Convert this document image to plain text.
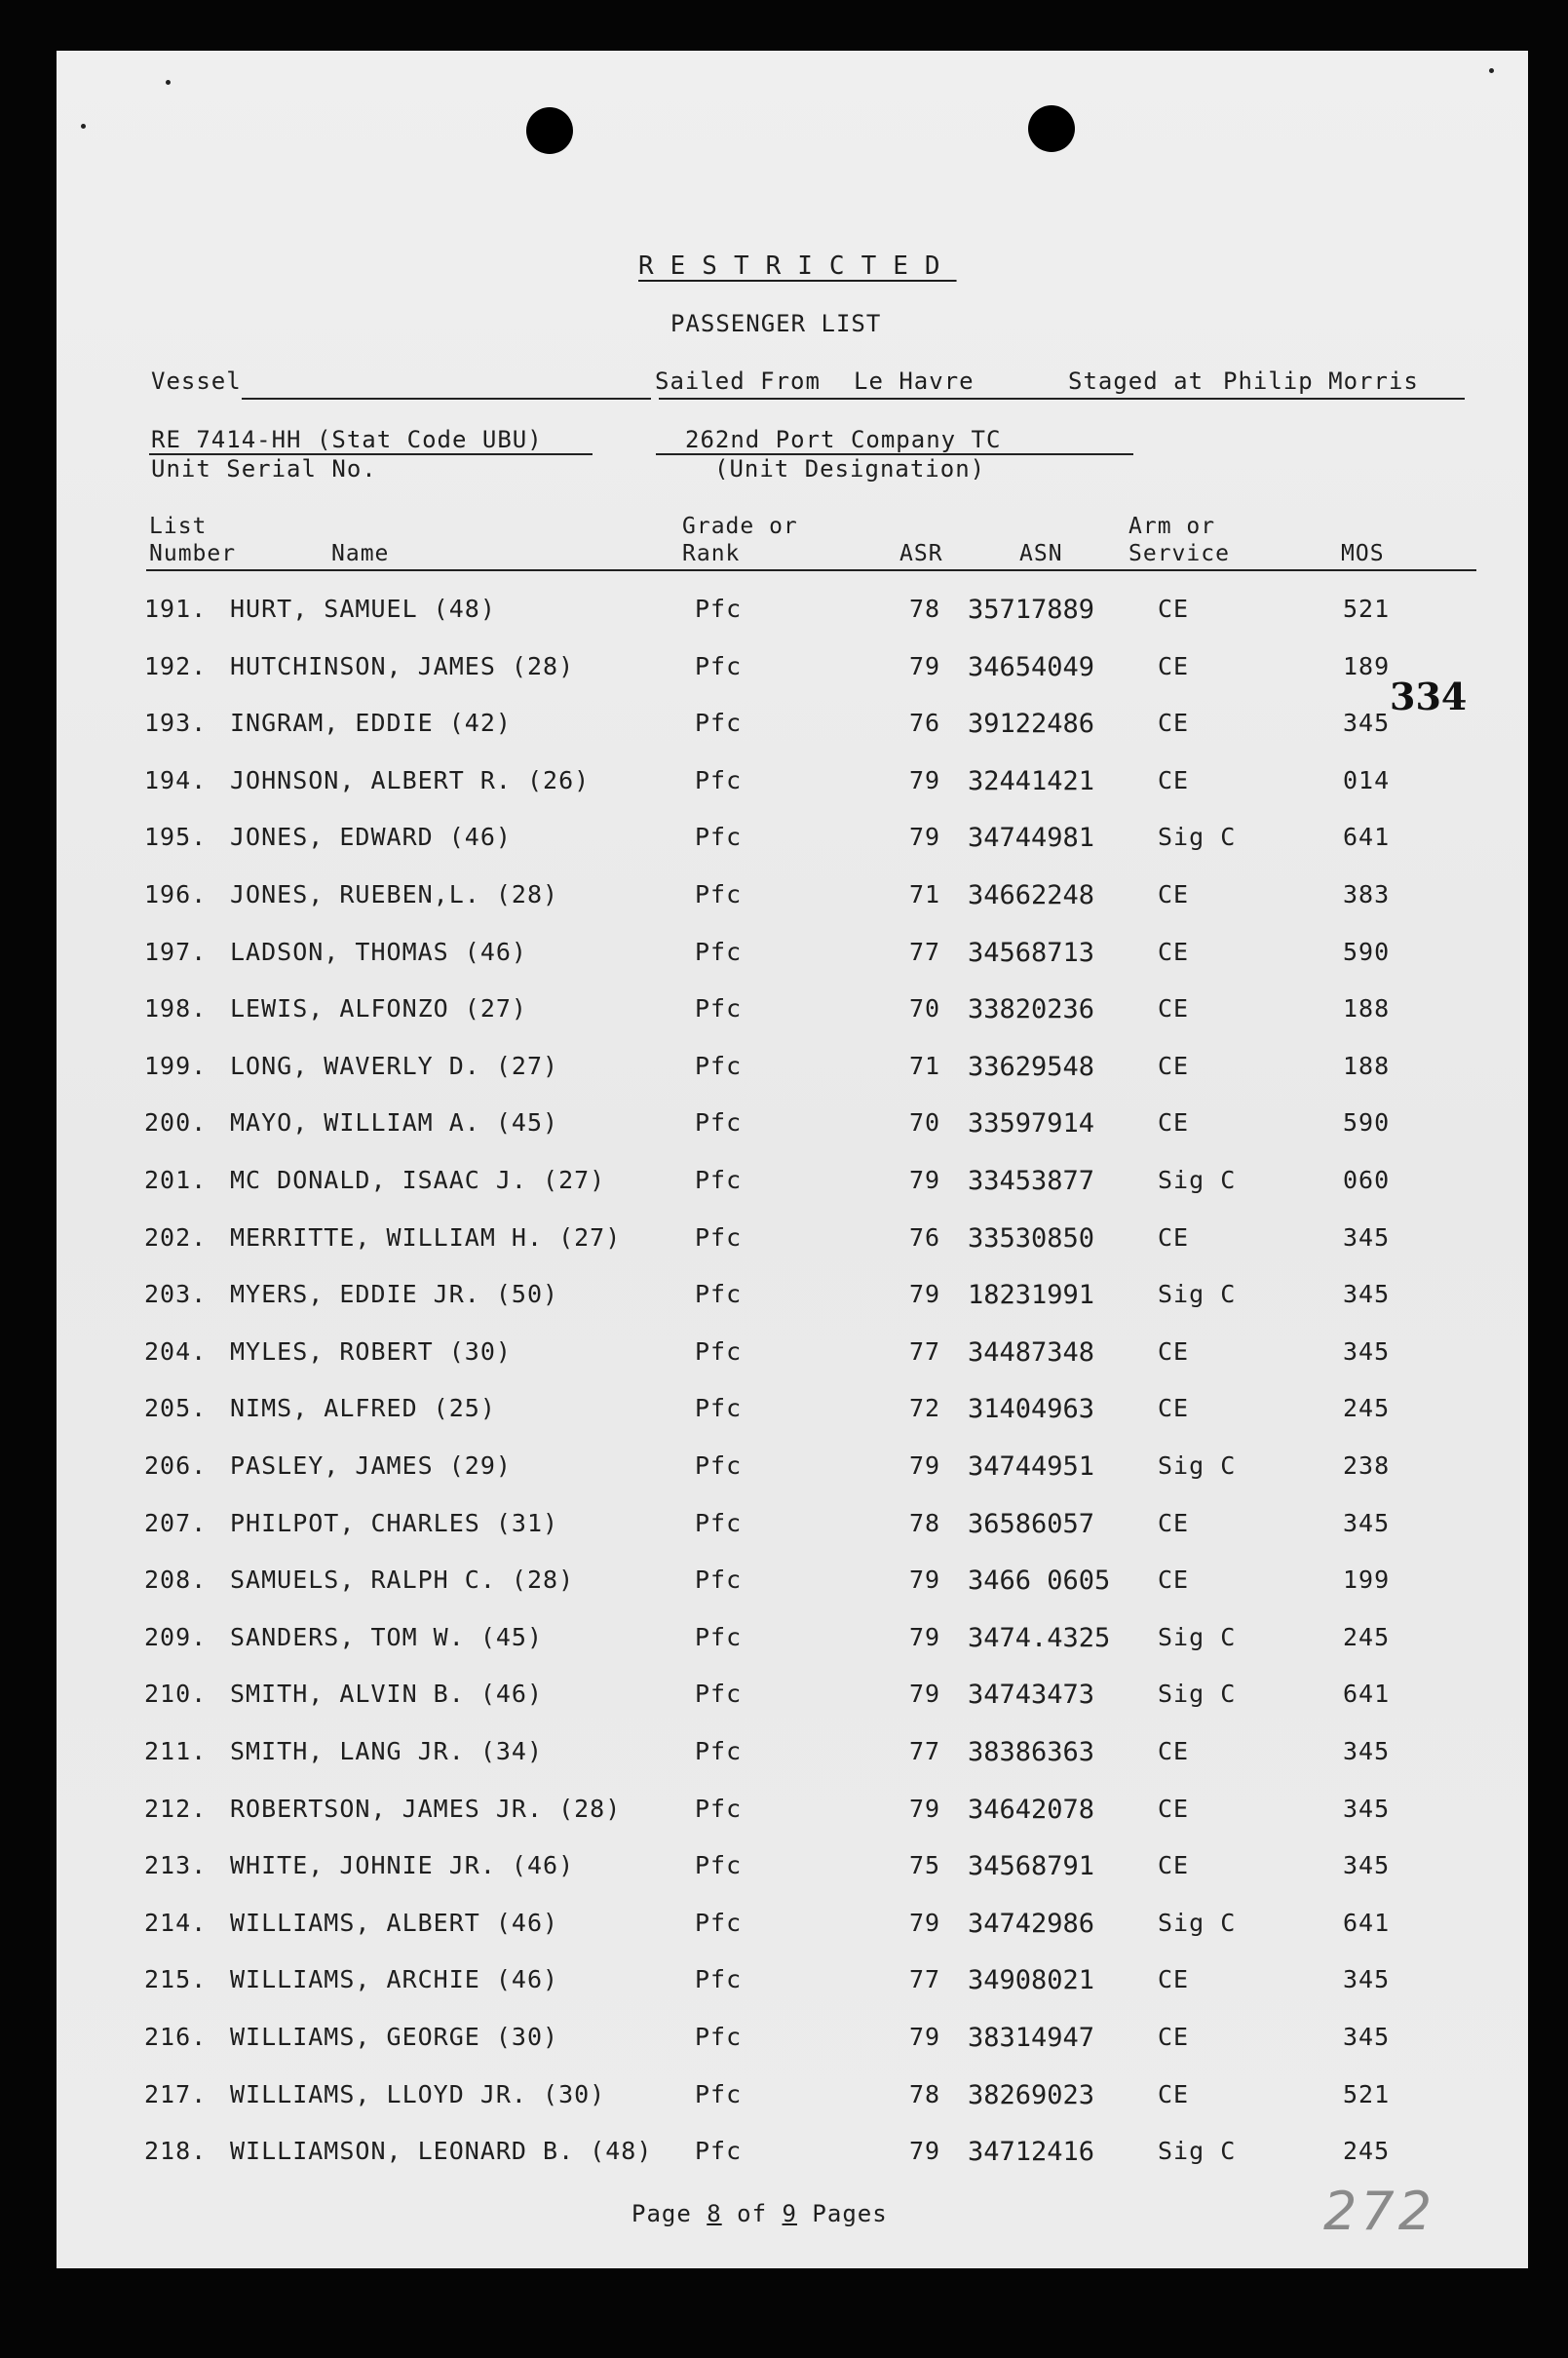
RESTRICTED
PASSENGER LIST
Vessel	Sailed From Le Havre	Staged at Philip Morris
RE 7414-HH (Stat Code UBU)
Unit Serial No.
262nd Port Company TC
(Unit Designation)
List
Number	Name
Grade or
Rank	ASR	ASN
Arm or
Service	MOS
191. HURT, SAMUEL (48)	Pfc	78 35717889	CE	521
192. HUTCHINSON, JAMES (28)	Pfc	79 34654049	CE	189
193. INGRAM, EDDIE (42)	Pfc	76 39122486	CE	345
194. JOHNSON, ALBERT R. (26)	Pfc	79 32441421	CE	014
195. JONES, EDWARD (46)	Pfc	79 34744981	Sig C	641
196. JONES, RUEBEN,L. (28)	Pfc	71 34662248	CE	383
197. LADSON, THOMAS (46)	Pfc	77 34568713	CE	590
198. LEWIS, ALFONZO (27)	Pfc	70 33820236	CE	188
199. LONG, WAVERLY D. (27)	Pfc	71 33629548	CE	188
200. MAYO, WILLIAM A. (45)	Pfc	70 33597914	CE	590
201. MC DONALD, ISAAC J. (27)	Pfc	79 33453877	Sig C	060
202. MERRITTE, WILLIAM H. (27)	Pfc	76 33530850	CE	345
203. MYERS, EDDIE JR. (50)	Pfc	79 18231991	Sig C	345
204. MYLES, ROBERT (30)	Pfc	77 34487348	CE	345
205. NIMS, ALFRED (25)	Pfc	72 31404963	CE	245
206. PASLEY, JAMES (29)	Pfc	79 34744951	Sig C	238
207. PHILPOT, CHARLES (31)	Pfc	78 36586057	CE	345
208. SAMUELS, RALPH C. (28)	Pfc	79 3466 0605 CE	199
209. SANDERS, TOM W. (45)	Pfc	79 3474.4325 Sig C	245
210. SMITH, ALVIN B. (46)	Pfc	79 34743473	Sig C	641
211. SMITH, LANG JR. (34)	Pfc	77 38386363	CE	345
212. ROBERTSON, JAMES JR. (28)	Pfc	79 34642078	CE	345
213. WHITE, JOHNIE JR. (46)	Pfc	75 34568791	CE	345
214. WILLIAMS, ALBERT (46)	Pfc	79 34742986	Sig C	641
215. WILLIAMS, ARCHIE (46)	Pfc	77 34908021	CE	345
216. WILLIAMS, GEORGE (30)	Pfc	79 38314947	CE	345
217. WILLIAMS, LLOYD JR. (30)	Pfc	78 38269023	CE	521
218. WILLIAMSON, LEONARD B. (48) Pfc	79 34712416	Sig C	245
334
Page 8 of 9 Pages	272
